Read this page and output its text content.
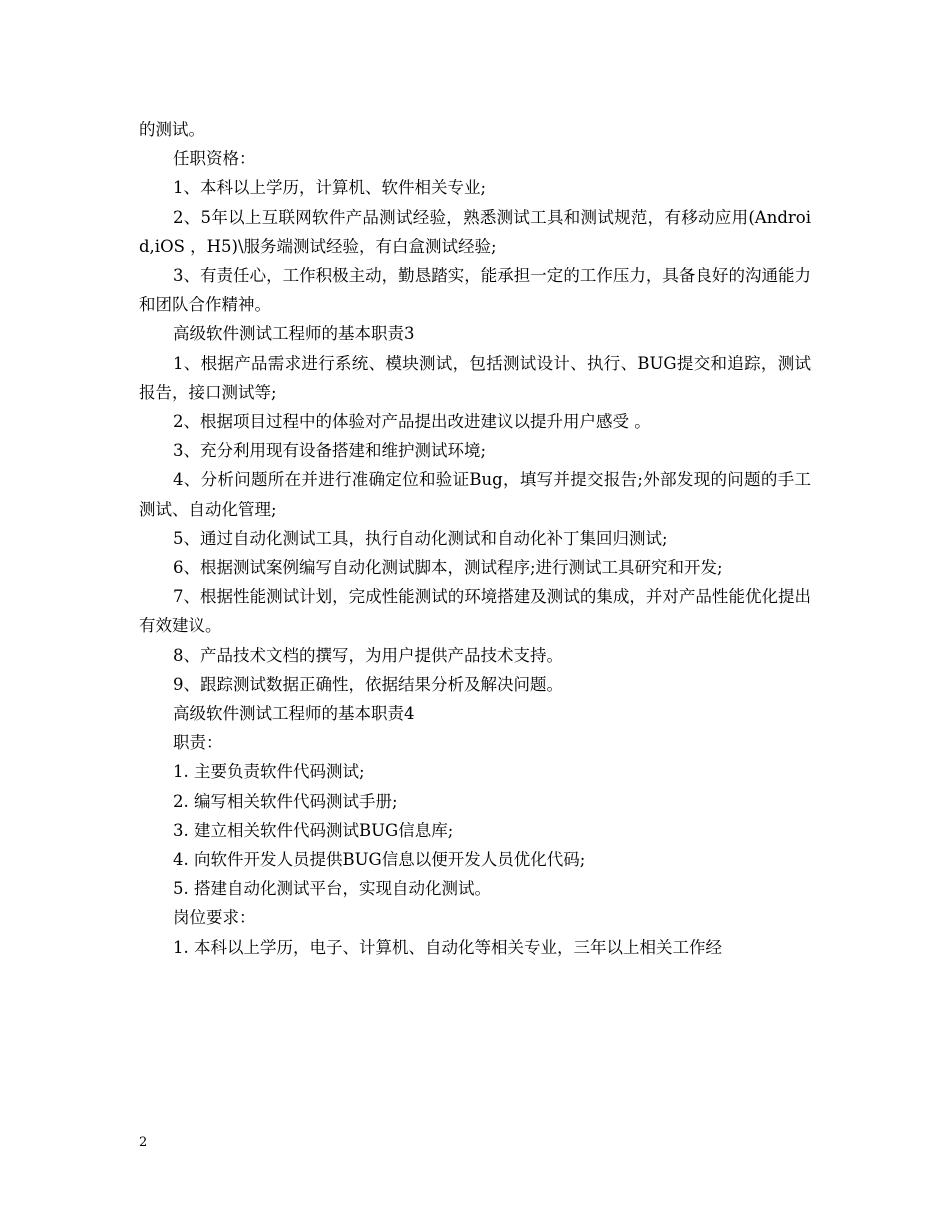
的测试。

任职资格：

1、本科以上学历，计算机、软件相关专业;

2、5年以上互联网软件产品测试经验，熟悉测试工具和测试规范，有移动应用(Android,iOS ，H5)\服务端测试经验，有白盒测试经验;

3、有责任心，工作积极主动，勤恳踏实，能承担一定的工作压力，具备良好的沟通能力和团队合作精神。

高级软件测试工程师的基本职责3

1、根据产品需求进行系统、模块测试，包括测试设计、执行、BUG提交和追踪，测试报告，接口测试等;

2、根据项目过程中的体验对产品提出改进建议以提升用户感受 。

3、充分利用现有设备搭建和维护测试环境;

4、分析问题所在并进行准确定位和验证Bug，填写并提交报告;外部发现的问题的手工测试、自动化管理;

5、通过自动化测试工具，执行自动化测试和自动化补丁集回归测试;

6、根据测试案例编写自动化测试脚本，测试程序;进行测试工具研究和开发;

7、根据性能测试计划，完成性能测试的环境搭建及测试的集成，并对产品性能优化提出有效建议。

8、产品技术文档的撰写，为用户提供产品技术支持。

9、跟踪测试数据正确性，依据结果分析及解决问题。

高级软件测试工程师的基本职责4

职责：

1. 主要负责软件代码测试;

2. 编写相关软件代码测试手册;

3. 建立相关软件代码测试BUG信息库;

4. 向软件开发人员提供BUG信息以便开发人员优化代码;

5. 搭建自动化测试平台，实现自动化测试。

岗位要求：

1. 本科以上学历，电子、计算机、自动化等相关专业，三年以上相关工作经

2
